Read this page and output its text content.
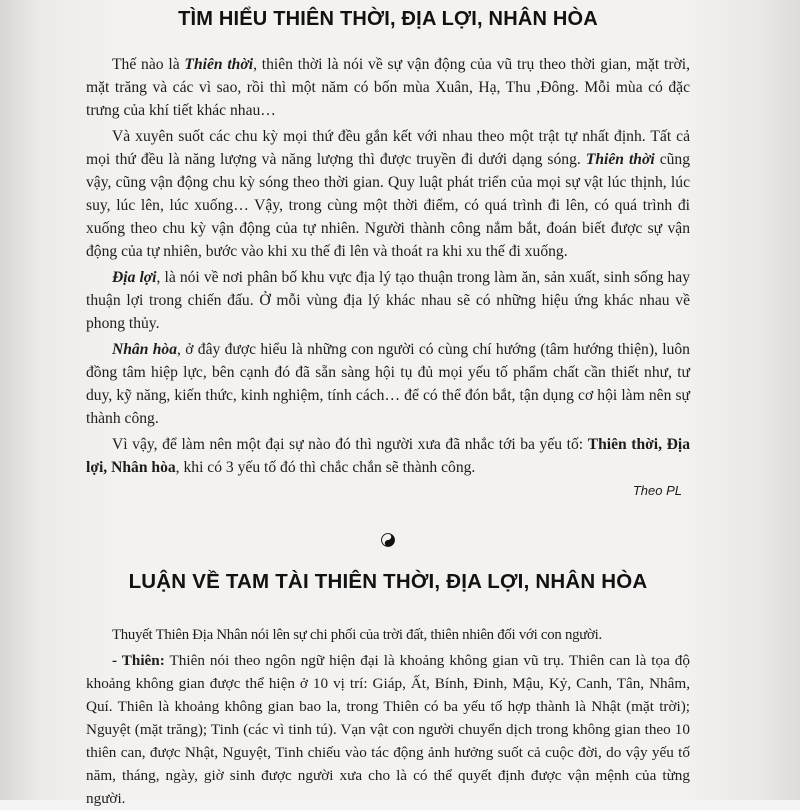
TÌM HIỂU THIÊN THỜI, ĐỊA LỢI, NHÂN HÒA

Thế nào là Thiên thời, thiên thời là nói về sự vận động của vũ trụ theo thời gian, mặt trời, mặt trăng và các vì sao, rồi thì một năm có bốn mùa Xuân, Hạ, Thu ,Đông. Mỗi mùa có đặc trưng của khí tiết khác nhau…

Và xuyên suốt các chu kỳ mọi thứ đều gắn kết với nhau theo một trật tự nhất định. Tất cả mọi thứ đều là năng lượng và năng lượng thì được truyền đi dưới dạng sóng. Thiên thời cũng vậy, cũng vận động chu kỳ sóng theo thời gian. Quy luật phát triển của mọi sự vật lúc thịnh, lúc suy, lúc lên, lúc xuống… Vậy, trong cùng một thời điểm, có quá trình đi lên, có quá trình đi xuống theo chu kỳ vận động của tự nhiên. Người thành công nắm bắt, đoán biết được sự vận động của tự nhiên, bước vào khi xu thế đi lên và thoát ra khi xu thế đi xuống.

Địa lợi, là nói về nơi phân bố khu vực địa lý tạo thuận trong làm ăn, sản xuất, sinh sống hay thuận lợi trong chiến đấu. Ở mỗi vùng địa lý khác nhau sẽ có những hiệu ứng khác nhau về phong thủy.

Nhân hòa, ở đây được hiểu là những con người có cùng chí hướng (tâm hướng thiện), luôn đồng tâm hiệp lực, bên cạnh đó đã sẵn sàng hội tụ đủ mọi yếu tố phẩm chất cần thiết như, tư duy, kỹ năng, kiến thức, kinh nghiệm, tính cách… để có thể đón bắt, tận dụng cơ hội làm nên sự thành công.

Vì vậy, để làm nên một đại sự nào đó thì người xưa đã nhắc tới ba yếu tố: Thiên thời, Địa lợi, Nhân hòa, khi có 3 yếu tố đó thì chắc chắn sẽ thành công.

Theo PL
LUẬN VỀ TAM TÀI THIÊN THỜI, ĐỊA LỢI, NHÂN HÒA

Thuyết Thiên Địa Nhân nói lên sự chi phối của trời đất, thiên nhiên đối với con người.

- Thiên: Thiên nói theo ngôn ngữ hiện đại là khoảng không gian vũ trụ. Thiên can là tọa độ khoảng không gian được thể hiện ở 10 vị trí: Giáp, Ất, Bính, Đinh, Mậu, Kỷ, Canh, Tân, Nhâm, Quí. Thiên là khoảng không gian bao la, trong Thiên có ba yếu tố hợp thành là Nhật (mặt trời); Nguyệt (mặt trăng); Tinh (các vì tinh tú). Vạn vật con người chuyển dịch trong không gian theo 10 thiên can, được Nhật, Nguyệt, Tinh chiếu vào tác động ảnh hưởng suốt cả cuộc đời, do vậy yếu tố năm, tháng, ngày, giờ sinh được người xưa cho là có thể quyết định được vận mệnh của từng người.
